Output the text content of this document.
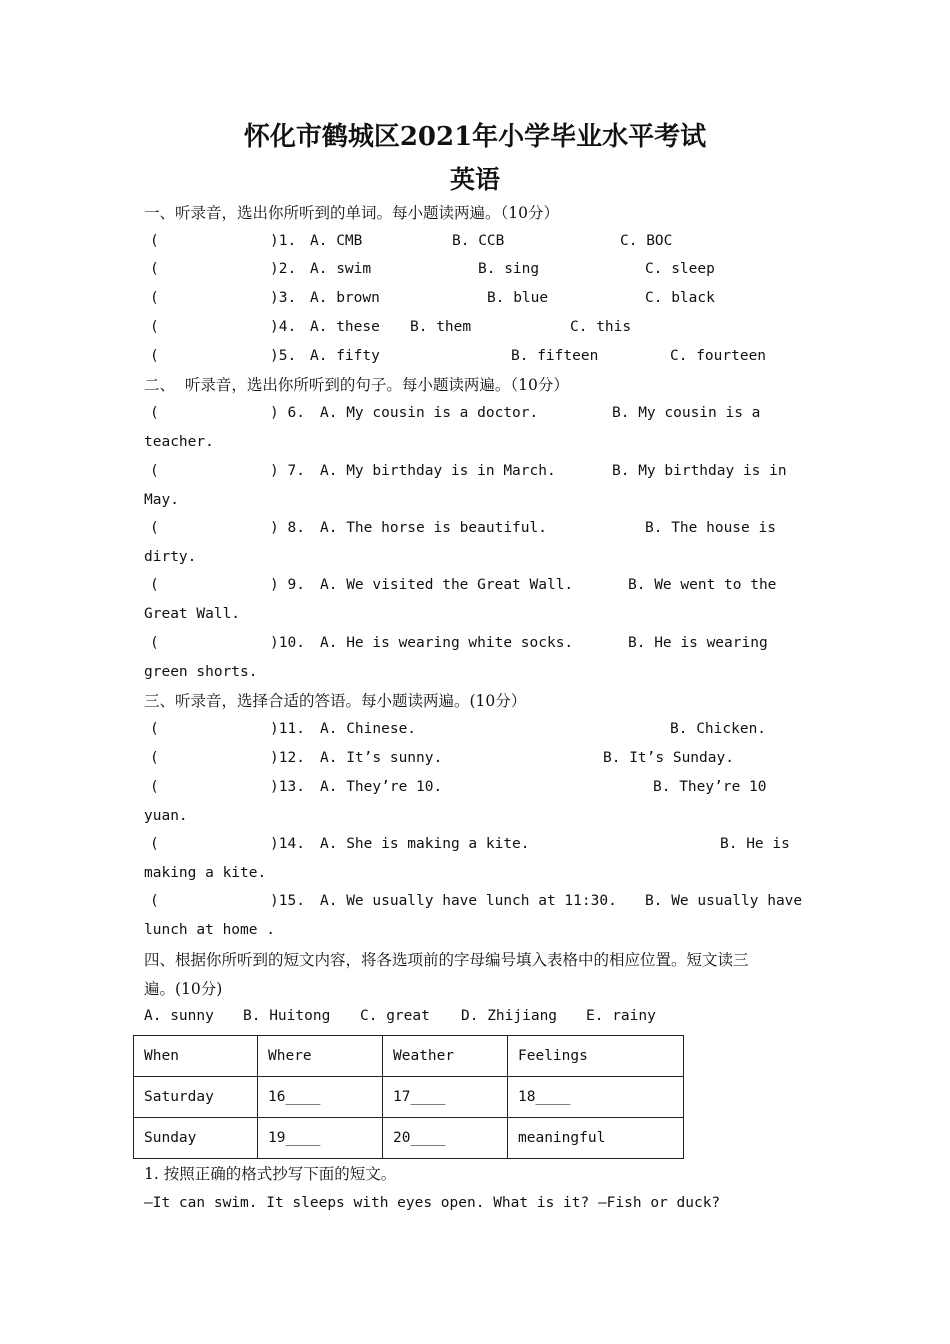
怀化市鹤城区2021年小学毕业水平考试
英语
一、听录音，选出你所听到的单词。每小题读两遍。（10分）
(	)1. A. CMB	B. CCB	C. BOC
(	)2. A. swim	B. sing	C. sleep
(	)3. A. brown	B. blue	C. black
(	)4. A. these B. them	C. this
(	)5. A. fifty	B. fifteen	C. fourteen
二、  听录音，选出你所听到的句子。每小题读两遍。（10分）
(	) 6. A. My cousin is a doctor.	B. My cousin is a
teacher.
(	) 7. A. My birthday is in March.	B. My birthday is in
May.
(	) 8. A. The horse is beautiful.	B. The house is
dirty.
(	) 9. A. We visited the Great Wall.	B. We went to the
Great Wall.
(	)10. A. He is wearing white socks.	B. He is wearing
green shorts.
三、听录音，选择合适的答语。每小题读两遍。(10分）
(	)11. A. Chinese.	B. Chicken.
(	)12. A. It’s sunny.	B. It’s Sunday.
(	)13. A. They’re 10.	B. They’re 10
yuan.
(	)14. A. She is making a kite.	B. He is
making a kite.
(	)15. A. We usually have lunch at 11:30. B. We usually have
lunch at home .
四、根据你所听到的短文内容，将各选项前的字母编号填入表格中的相应位置。短文读三
遍。(10分)
A. sunny B. Huitong C. great D. Zhijiang E. rainy
When	Where	Weather	Feelings
Saturday	16____	17____	18____
Sunday	19____	20____	meaningful
1. 按照正确的格式抄写下面的短文。
—It can swim. It sleeps with eyes open. What is it? —Fish or duck?
